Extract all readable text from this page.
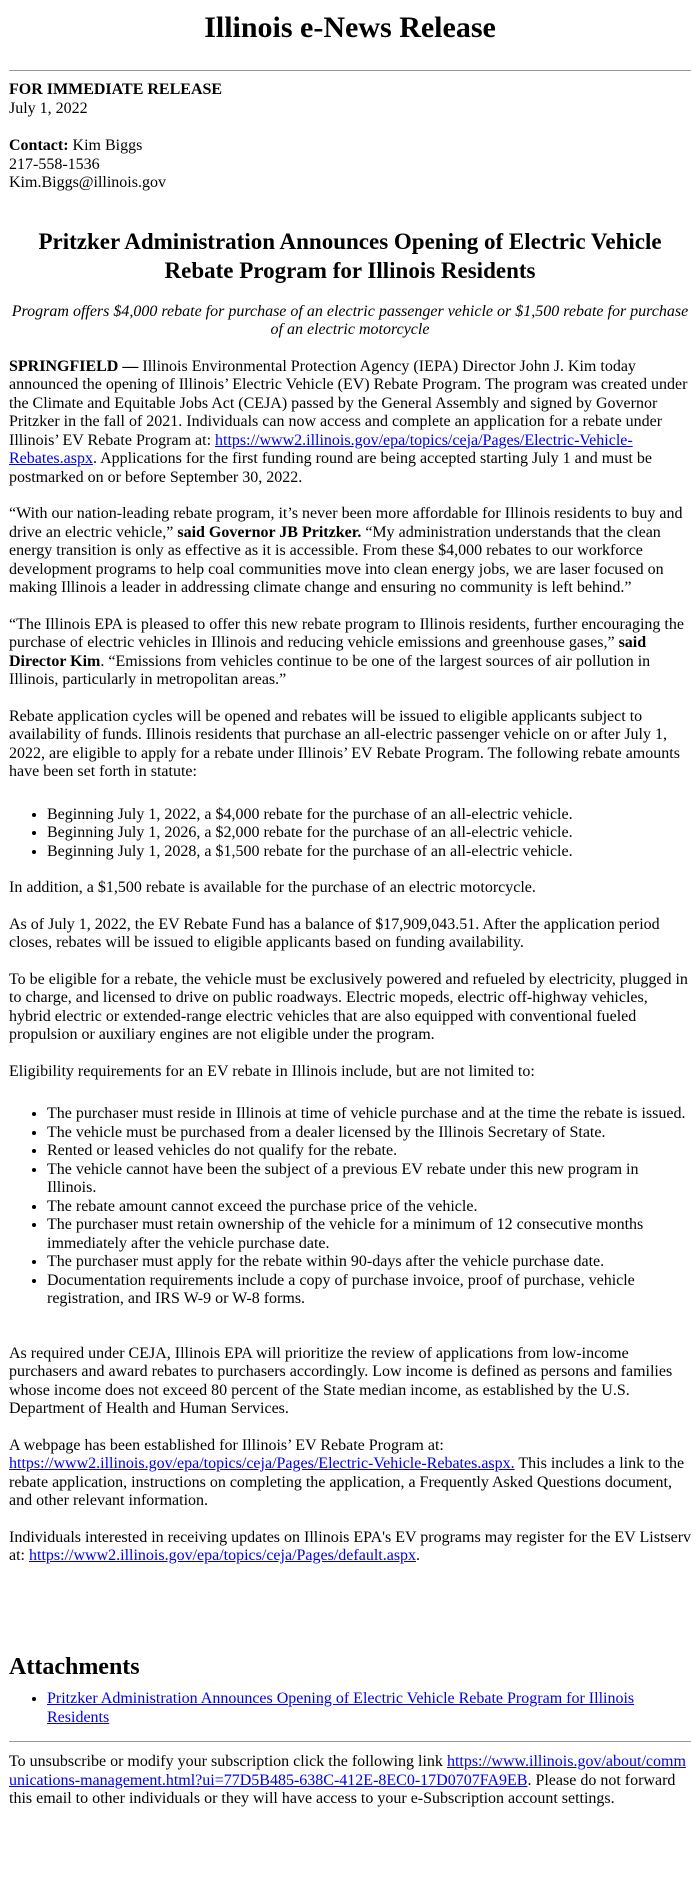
Illinois e-News Release
FOR IMMEDIATE RELEASE
July 1, 2022
Contact: Kim Biggs
217-558-1536
Kim.Biggs@illinois.gov
Pritzker Administration Announces Opening of Electric Vehicle Rebate Program for Illinois Residents
Program offers $4,000 rebate for purchase of an electric passenger vehicle or $1,500 rebate for purchase of an electric motorcycle

SPRINGFIELD — Illinois Environmental Protection Agency (IEPA) Director John J. Kim today announced the opening of Illinois’ Electric Vehicle (EV) Rebate Program. The program was created under the Climate and Equitable Jobs Act (CEJA) passed by the General Assembly and signed by Governor Pritzker in the fall of 2021. Individuals can now access and complete an application for a rebate under Illinois’ EV Rebate Program at: https://www2.illinois.gov/epa/topics/ceja/Pages/Electric-Vehicle-Rebates.aspx. Applications for the first funding round are being accepted starting July 1 and must be postmarked on or before September 30, 2022.

“With our nation-leading rebate program, it’s never been more affordable for Illinois residents to buy and drive an electric vehicle,” said Governor JB Pritzker. “My administration understands that the clean energy transition is only as effective as it is accessible. From these $4,000 rebates to our workforce development programs to help coal communities move into clean energy jobs, we are laser focused on making Illinois a leader in addressing climate change and ensuring no community is left behind.”

“The Illinois EPA is pleased to offer this new rebate program to Illinois residents, further encouraging the purchase of electric vehicles in Illinois and reducing vehicle emissions and greenhouse gases,” said Director Kim. “Emissions from vehicles continue to be one of the largest sources of air pollution in Illinois, particularly in metropolitan areas.”

Rebate application cycles will be opened and rebates will be issued to eligible applicants subject to availability of funds. Illinois residents that purchase an all-electric passenger vehicle on or after July 1, 2022, are eligible to apply for a rebate under Illinois’ EV Rebate Program. The following rebate amounts have been set forth in statute:

• Beginning July 1, 2022, a $4,000 rebate for the purchase of an all-electric vehicle.
• Beginning July 1, 2026, a $2,000 rebate for the purchase of an all-electric vehicle.
• Beginning July 1, 2028, a $1,500 rebate for the purchase of an all-electric vehicle.

In addition, a $1,500 rebate is available for the purchase of an electric motorcycle.

As of July 1, 2022, the EV Rebate Fund has a balance of $17,909,043.51. After the application period closes, rebates will be issued to eligible applicants based on funding availability.

To be eligible for a rebate, the vehicle must be exclusively powered and refueled by electricity, plugged in to charge, and licensed to drive on public roadways. Electric mopeds, electric off-highway vehicles, hybrid electric or extended-range electric vehicles that are also equipped with conventional fueled propulsion or auxiliary engines are not eligible under the program.

Eligibility requirements for an EV rebate in Illinois include, but are not limited to:

• The purchaser must reside in Illinois at time of vehicle purchase and at the time the rebate is issued.
• The vehicle must be purchased from a dealer licensed by the Illinois Secretary of State.
• Rented or leased vehicles do not qualify for the rebate.
• The vehicle cannot have been the subject of a previous EV rebate under this new program in Illinois.
• The rebate amount cannot exceed the purchase price of the vehicle.
• The purchaser must retain ownership of the vehicle for a minimum of 12 consecutive months immediately after the vehicle purchase date.
• The purchaser must apply for the rebate within 90-days after the vehicle purchase date.
• Documentation requirements include a copy of purchase invoice, proof of purchase, vehicle registration, and IRS W-9 or W-8 forms.

As required under CEJA, Illinois EPA will prioritize the review of applications from low-income purchasers and award rebates to purchasers accordingly. Low income is defined as persons and families whose income does not exceed 80 percent of the State median income, as established by the U.S. Department of Health and Human Services.

A webpage has been established for Illinois’ EV Rebate Program at: https://www2.illinois.gov/epa/topics/ceja/Pages/Electric-Vehicle-Rebates.aspx. This includes a link to the rebate application, instructions on completing the application, a Frequently Asked Questions document, and other relevant information.

Individuals interested in receiving updates on Illinois EPA's EV programs may register for the EV Listserv at: https://www2.illinois.gov/epa/topics/ceja/Pages/default.aspx.

Attachments
• Pritzker Administration Announces Opening of Electric Vehicle Rebate Program for Illinois Residents

To unsubscribe or modify your subscription click the following link https://www.illinois.gov/about/communications-management.html?ui=77D5B485-638C-412E-8EC0-17D0707FA9EB. Please do not forward this email to other individuals or they will have access to your e-Subscription account settings.
